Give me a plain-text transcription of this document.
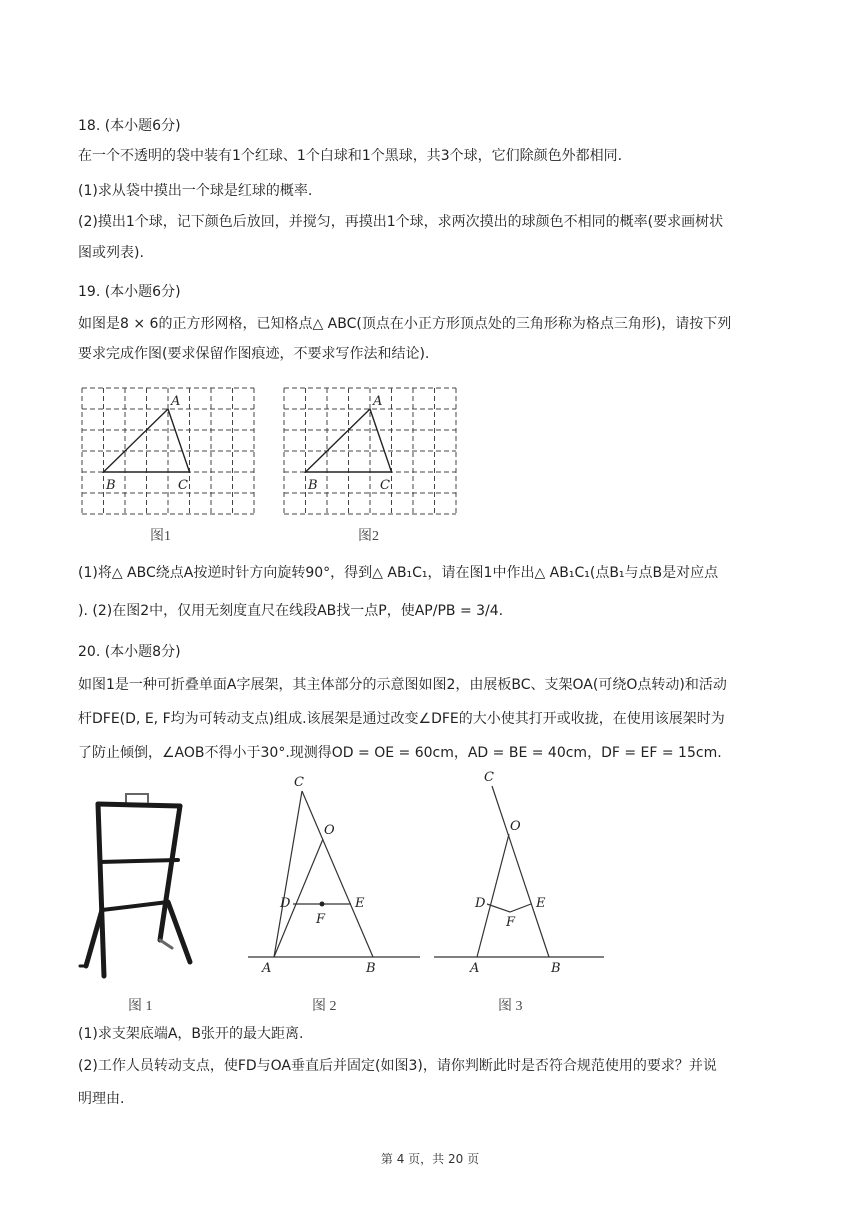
18. (本小题6分)
在一个不透明的袋中装有1个红球、1个白球和1个黑球，共3个球，它们除颜色外都相同.
(1)求从袋中摸出一个球是红球的概率.
(2)摸出1个球，记下颜色后放回，并搅匀，再摸出1个球，求两次摸出的球颜色不相同的概率(要求画树状
图或列表).
19. (本小题6分)
如图是8 × 6的正方形网格，已知格点△ ABC(顶点在小正方形顶点处的三角形称为格点三角形)，请按下列
要求完成作图(要求保留作图痕迹，不要求写作法和结论).
A
B	C
图1
A
B	C
图2
(1)将△ ABC绕点A按逆时针方向旋转90°，得到△ AB₁C₁，请在图1中作出△ AB₁C₁(点B₁与点B是对应点
). (2)在图2中，仅用无刻度直尺在线段AB找一点P，使AP/PB = 3/4.
20. (本小题8分)
如图1是一种可折叠单面A字展架，其主体部分的示意图如图2，由展板BC、支架OA(可绕O点转动)和活动
杆DFE(D, E, F均为可转动支点)组成.该展架是通过改变∠DFE的大小使其打开或收拢，在使用该展架时为
了防止倾倒，∠AOB不得小于30°.现测得OD = OE = 60cm，AD = BE = 40cm，DF = EF = 15cm.
图 1
C
O
D	E
F
A	B
图 2
C
O
D	E
F
A	B
图 3
(1)求支架底端A，B张开的最大距离.
(2)工作人员转动支点，使FD与OA垂直后并固定(如图3)，请你判断此时是否符合规范使用的要求？并说
明理由.
第 4 页，共 20 页
